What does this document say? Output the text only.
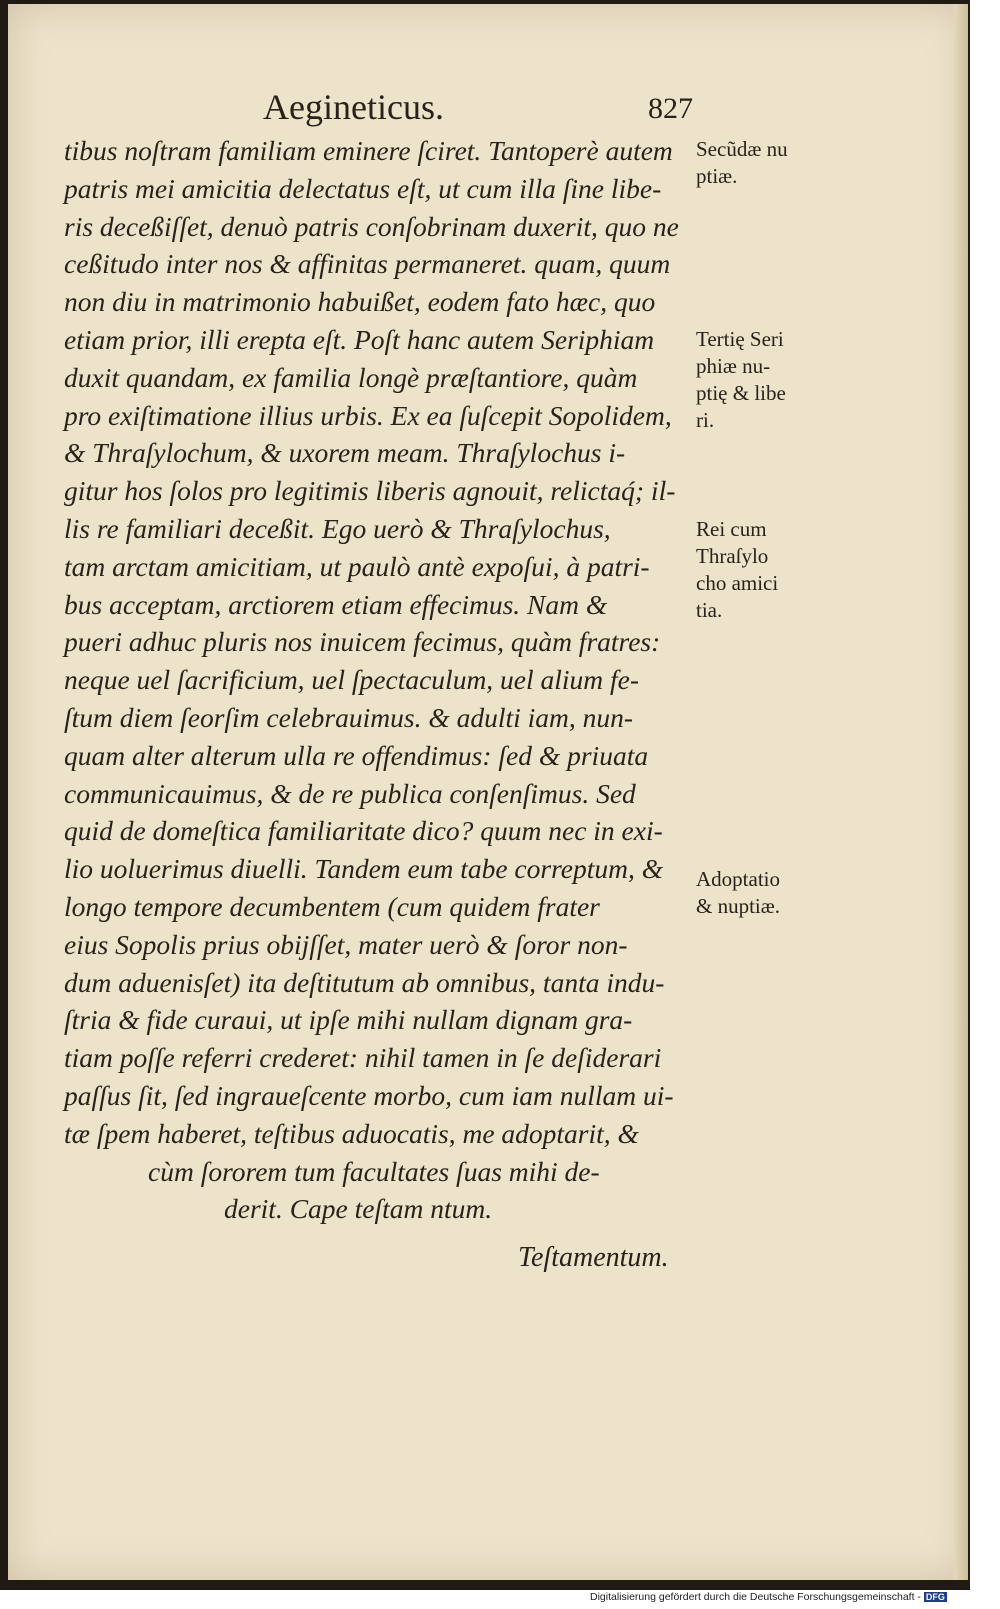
Aegineticus.	827
tibus noſtram familiam eminere ſciret. Tantoperè autem
patris mei amicitia delectatus eſt, ut cum illa ſine libe-
ris deceßiſſet, denuò patris conſobrinam duxerit, quo ne
ceßitudo inter nos & affinitas permaneret. quam, quum
non diu in matrimonio habuißet, eodem fato hæc, quo
etiam prior, illi erepta eſt. Poſt hanc autem Seriphiam
duxit quandam, ex familia longè præſtantiore, quàm
pro exiſtimatione illius urbis. Ex ea ſuſcepit Sopolidem,
& Thraſylochum, & uxorem meam. Thraſylochus i-
gitur hos ſolos pro legitimis liberis agnouit, relictaq́; il-
lis re familiari deceßit. Ego uerò & Thraſylochus,
tam arctam amicitiam, ut paulò antè expoſui, à patri-
bus acceptam, arctiorem etiam effecimus. Nam &
pueri adhuc pluris nos inuicem fecimus, quàm fratres:
neque uel ſacrificium, uel ſpectaculum, uel alium fe-
ſtum diem ſeorſim celebrauimus. & adulti iam, nun-
quam alter alterum ulla re offendimus: ſed & priuata
communicauimus, & de re publica conſenſimus. Sed
quid de domeſtica familiaritate dico? quum nec in exi-
lio uoluerimus diuelli. Tandem eum tabe correptum, &
longo tempore decumbentem (cum quidem frater
eius Sopolis prius obijſſet, mater uerò & ſoror non-
dum aduenisſet) ita deſtitutum ab omnibus, tanta indu-
ſtria & fide curaui, ut ipſe mihi nullam dignam gra-
tiam poſſe referri crederet: nihil tamen in ſe deſiderari
paſſus ſit, ſed ingraueſcente morbo, cum iam nullam ui-
tæ ſpem haberet, teſtibus aduocatis, me adoptarit, &
cùm ſororem tum facultates ſuas mihi de-
derit. Cape teſtam ntum.
Teſtamentum.
Secũdæ nu
ptiæ.
Tertię Seri
phiæ nu-
ptię & libe
ri.
Rei cum
Thraſylo
cho amici
tia.
Adoptatio
& nuptiæ.
Digitalisierung gefördert durch die Deutsche Forschungsgemeinschaft - DFG
